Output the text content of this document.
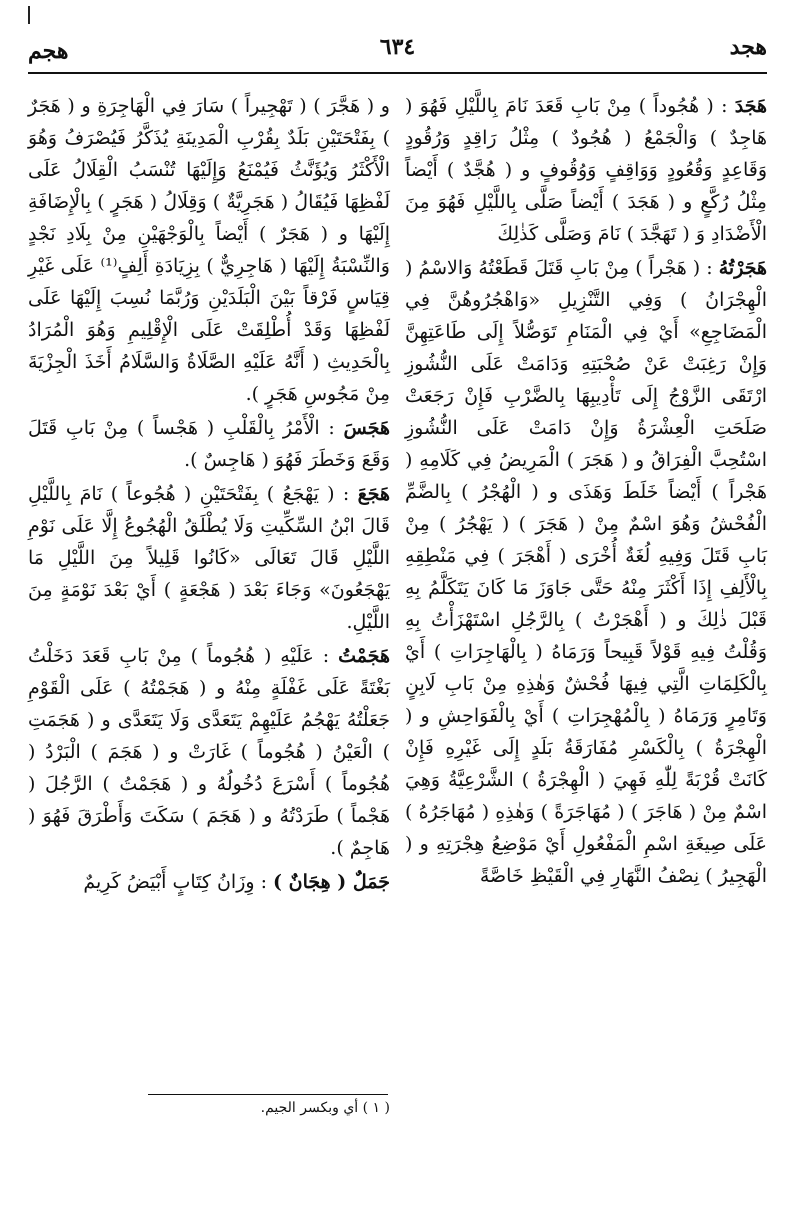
هجد
٦٣٤
هجم

هَجَدَ : ( هُجُوداً ) مِنْ بَابِ قَعَدَ نَامَ بِاللَّيْلِ فَهُوَ ( هَاجِدٌ ) وَالْجَمْعُ ( هُجُودٌ ) مِثْلُ رَاقِدٍ وَرُقُودٍ وَقَاعِدٍ وَقُعُودٍ وَوَاقِفٍ وَوُقُوفٍ و ( هُجَّدٌ ) أَيْضاً مِثْلُ رُكَّعٍ و ( هَجَدَ ) أَيْضاً صَلَّى بِاللَّيْلِ فَهُوَ مِنَ الْأَضْدَادِ وَ ( تَهَجَّدَ ) نَامَ وَصَلَّى كَذٰلِكَ

هَجَرْتُهُ : ( هَجْراً ) مِنْ بَابِ قَتَلَ قَطَعْتُهُ وَالاسْمُ ( الْهِجْرَانُ ) وَفِي التَّنْزِيلِ «وَاهْجُرُوهُنَّ فِي الْمَضَاجِعِ» أَيْ فِي الْمَنَامِ تَوَصُّلاً إِلَى طَاعَتِهِنَّ وَإِنْ رَغِبَتْ عَنْ صُحْبَتِهِ وَدَامَتْ عَلَى النُّشُوزِ ارْتَقَى الزَّوْجُ إِلَى تَأْدِيبِهَا بِالضَّرْبِ فَإِنْ رَجَعَتْ صَلَحَتِ الْعِشْرَةُ وَإِنْ دَامَتْ عَلَى النُّشُوزِ اسْتُحِبَّ الْفِرَاقُ و ( هَجَرَ ) الْمَرِيضُ فِي كَلَامِهِ ( هَجْراً ) أَيْضاً خَلَطَ وَهَذَى و ( الْهُجْرُ ) بِالضَّمِّ الْفُحْشُ وَهُوَ اسْمٌ مِنْ ( هَجَرَ ) ( يَهْجُرُ ) مِنْ بَابِ قَتَلَ وَفِيهِ لُغَةٌ أُخْرَى ( أَهْجَرَ ) فِي مَنْطِقِهِ بِالْأَلِفِ إِذَا أَكْثَرَ مِنْهُ حَتَّى جَاوَزَ مَا كَانَ يَتَكَلَّمُ بِهِ قَبْلَ ذٰلِكَ و ( أَهْجَرْتُ ) بِالرَّجُلِ اسْتَهْزَأْتُ بِهِ وَقُلْتُ فِيهِ قَوْلاً قَبِيحاً وَرَمَاهُ ( بِالْهَاجِرَاتِ ) أَيْ بِالْكَلِمَاتِ الَّتِي فِيهَا فُحْشٌ وَهٰذِهِ مِنْ بَابِ لَابِنٍ وَتَامِرٍ وَرَمَاهُ ( بِالْمُهْجِرَاتِ ) أَيْ بِالْفَوَاحِشِ و ( الْهِجْرَةُ ) بِالْكَسْرِ مُفَارَقَةُ بَلَدٍ إِلَى غَيْرِهِ فَإِنْ كَانَتْ قُرْبَةً لِلّٰهِ فَهِيَ ( الْهِجْرَةُ ) الشَّرْعِيَّةُ وَهِيَ اسْمٌ مِنْ ( هَاجَرَ ) ( مُهَاجَرَةً ) وَهٰذِهِ ( مُهَاجَرُهُ ) عَلَى صِيغَةِ اسْمِ الْمَفْعُولِ أَيْ مَوْضِعُ هِجْرَتِهِ و ( الْهَجِيرُ ) نِصْفُ النَّهَارِ فِي الْقَيْظِ خَاصَّةً

و ( هَجَّرَ ) ( تَهْجِيراً ) سَارَ فِي الْهَاجِرَةِ و ( هَجَرٌ ) بِفَتْحَتَيْنِ بَلَدٌ بِقُرْبِ الْمَدِينَةِ يُذَكَّرُ فَيُصْرَفُ وَهُوَ الْأَكْثَرُ وَيُؤَنَّثُ فَيُمْنَعُ وَإِلَيْهَا تُنْسَبُ الْقِلَالُ عَلَى لَفْظِهَا فَيُقَالُ ( هَجَرِيَّةٌ ) وَقِلَالُ ( هَجَرٍ ) بِالْإِضَافَةِ إِلَيْهَا و ( هَجَرٌ ) أَيْضاً بِالْوَجْهَيْنِ مِنْ بِلَادِ نَجْدٍ وَالنِّسْبَةُ إِلَيْهَا ( هَاجِرِيٌّ ) بِزِيَادَةِ أَلِفٍ⁽¹⁾ عَلَى غَيْرِ قِيَاسٍ فَرْقاً بَيْنَ الْبَلَدَيْنِ وَرُبَّمَا نُسِبَ إِلَيْهَا عَلَى لَفْظِهَا وَقَدْ أُطْلِقَتْ عَلَى الْإِقْلِيمِ وَهُوَ الْمُرَادُ بِالْحَدِيثِ ( أَنَّهُ عَلَيْهِ الصَّلَاةُ وَالسَّلَامُ أَخَذَ الْجِزْيَةَ مِنْ مَجُوسِ هَجَرٍ ).

هَجَسَ : الْأَمْرُ بِالْقَلْبِ ( هَجْساً ) مِنْ بَابِ قَتَلَ وَقَعَ وَخَطَرَ فَهُوَ ( هَاجِسٌ ).

هَجَعَ : ( يَهْجَعُ ) بِفَتْحَتَيْنِ ( هُجُوعاً ) نَامَ بِاللَّيْلِ قَالَ ابْنُ السِّكِّيتِ وَلَا يُطْلَقُ الْهُجُوعُ إِلَّا عَلَى نَوْمِ اللَّيْلِ قَالَ تَعَالَى «كَانُوا قَلِيلاً مِنَ اللَّيْلِ مَا يَهْجَعُونَ» وَجَاءَ بَعْدَ ( هَجْعَةٍ ) أَيْ بَعْدَ نَوْمَةٍ مِنَ اللَّيْلِ.

هَجَمْتُ : عَلَيْهِ ( هُجُوماً ) مِنْ بَابِ قَعَدَ دَخَلْتُ بَغْتَةً عَلَى غَفْلَةٍ مِنْهُ و ( هَجَمْتُهُ ) عَلَى الْقَوْمِ جَعَلْتُهُ يَهْجُمُ عَلَيْهِمْ يَتَعَدَّى وَلَا يَتَعَدَّى و ( هَجَمَتِ ) الْعَيْنُ ( هُجُوماً ) غَارَتْ و ( هَجَمَ ) الْبَرْدُ ( هُجُوماً ) أَسْرَعَ دُخُولُهُ و ( هَجَمْتُ ) الرَّجُلَ ( هَجْماً ) طَرَدْتُهُ و ( هَجَمَ ) سَكَتَ وَأَطْرَقَ فَهُوَ ( هَاجِمٌ ).

جَمَلٌ ( هِجَانٌ ) : وِزَانُ كِتَابٍ أَبْيَضُ كَرِيمٌ

( ١ ) أي وبكسر الجيم.
